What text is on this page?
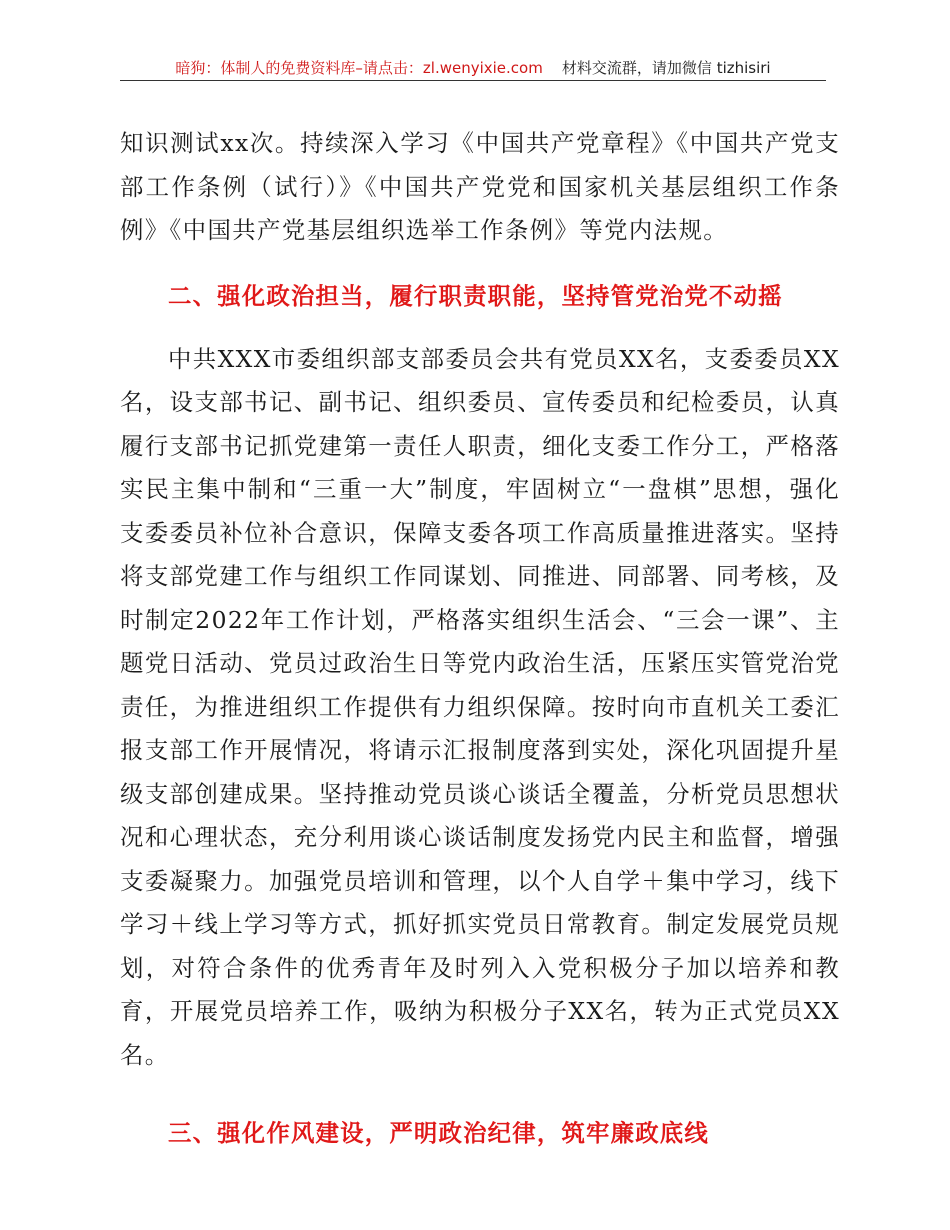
暗狗：体制人的免费资料库–请点击：zl.wenyixie.com 材料交流群，请加微信 tizhisiri

知识测试xx次。持续深入学习《中国共产党章程》《中国共产党支部工作条例（试行）》《中国共产党党和国家机关基层组织工作条例》《中国共产党基层组织选举工作条例》等党内法规。

二、强化政治担当，履行职责职能，坚持管党治党不动摇

中共XXX市委组织部支部委员会共有党员XX名，支委委员XX名，设支部书记、副书记、组织委员、宣传委员和纪检委员，认真履行支部书记抓党建第一责任人职责，细化支委工作分工，严格落实民主集中制和“三重一大”制度，牢固树立“一盘棋”思想，强化支委委员补位补合意识，保障支委各项工作高质量推进落实。坚持将支部党建工作与组织工作同谋划、同推进、同部署、同考核，及时制定2022年工作计划，严格落实组织生活会、“三会一课”、主题党日活动、党员过政治生日等党内政治生活，压紧压实管党治党责任，为推进组织工作提供有力组织保障。按时向市直机关工委汇报支部工作开展情况，将请示汇报制度落到实处，深化巩固提升星级支部创建成果。坚持推动党员谈心谈话全覆盖，分析党员思想状况和心理状态，充分利用谈心谈话制度发扬党内民主和监督，增强支委凝聚力。加强党员培训和管理，以个人自学＋集中学习，线下学习＋线上学习等方式，抓好抓实党员日常教育。制定发展党员规划，对符合条件的优秀青年及时列入入党积极分子加以培养和教育，开展党员培养工作，吸纳为积极分子XX名，转为正式党员XX名。

三、强化作风建设，严明政治纪律，筑牢廉政底线
